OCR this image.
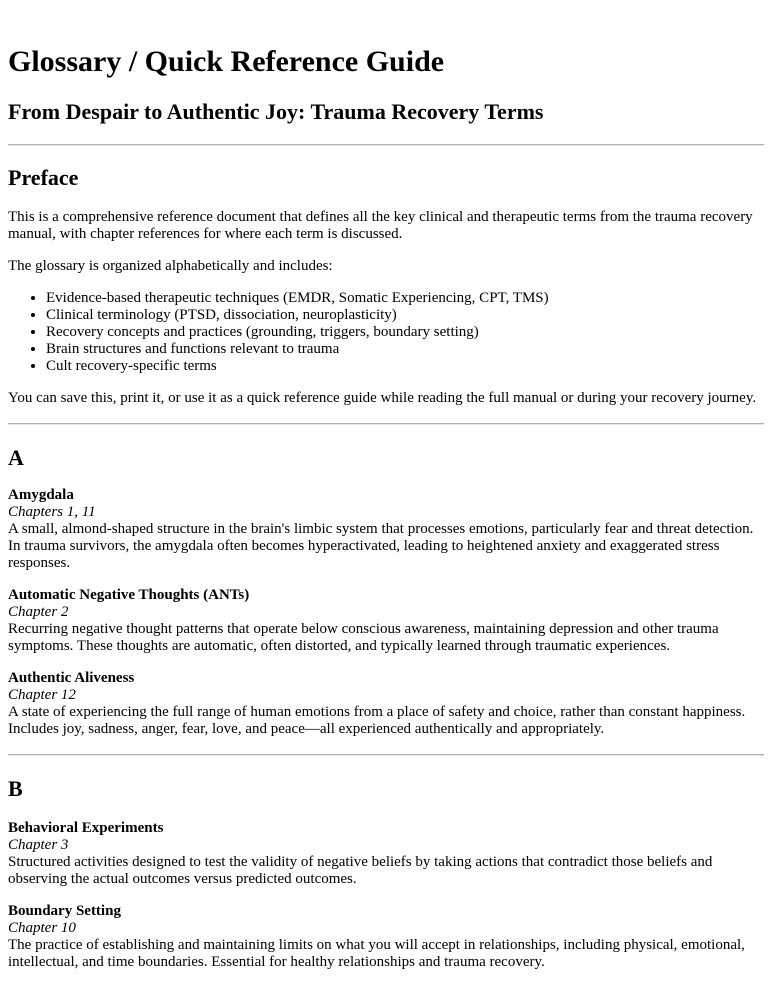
Glossary / Quick Reference Guide
From Despair to Authentic Joy: Trauma Recovery Terms
Preface

This is a comprehensive reference document that defines all the key clinical and therapeutic terms from the trauma recovery manual, with chapter references for where each term is discussed.

The glossary is organized alphabetically and includes:

• Evidence-based therapeutic techniques (EMDR, Somatic Experiencing, CPT, TMS)
• Clinical terminology (PTSD, dissociation, neuroplasticity)
• Recovery concepts and practices (grounding, triggers, boundary setting)
• Brain structures and functions relevant to trauma
• Cult recovery-specific terms

You can save this, print it, or use it as a quick reference guide while reading the full manual or during your recovery journey.

A
Amygdala
Chapters 1, 11
A small, almond-shaped structure in the brain's limbic system that processes emotions, particularly fear and threat detection. In trauma survivors, the amygdala often becomes hyperactivated, leading to heightened anxiety and exaggerated stress responses.
Automatic Negative Thoughts (ANTs)
Chapter 2
Recurring negative thought patterns that operate below conscious awareness, maintaining depression and other trauma symptoms. These thoughts are automatic, often distorted, and typically learned through traumatic experiences.
Authentic Aliveness
Chapter 12
A state of experiencing the full range of human emotions from a place of safety and choice, rather than constant happiness. Includes joy, sadness, anger, fear, love, and peace—all experienced authentically and appropriately.
B
Behavioral Experiments
Chapter 3
Structured activities designed to test the validity of negative beliefs by taking actions that contradict those beliefs and observing the actual outcomes versus predicted outcomes.
Boundary Setting
Chapter 10
The practice of establishing and maintaining limits on what you will accept in relationships, including physical, emotional, intellectual, and time boundaries. Essential for healthy relationships and trauma recovery.
